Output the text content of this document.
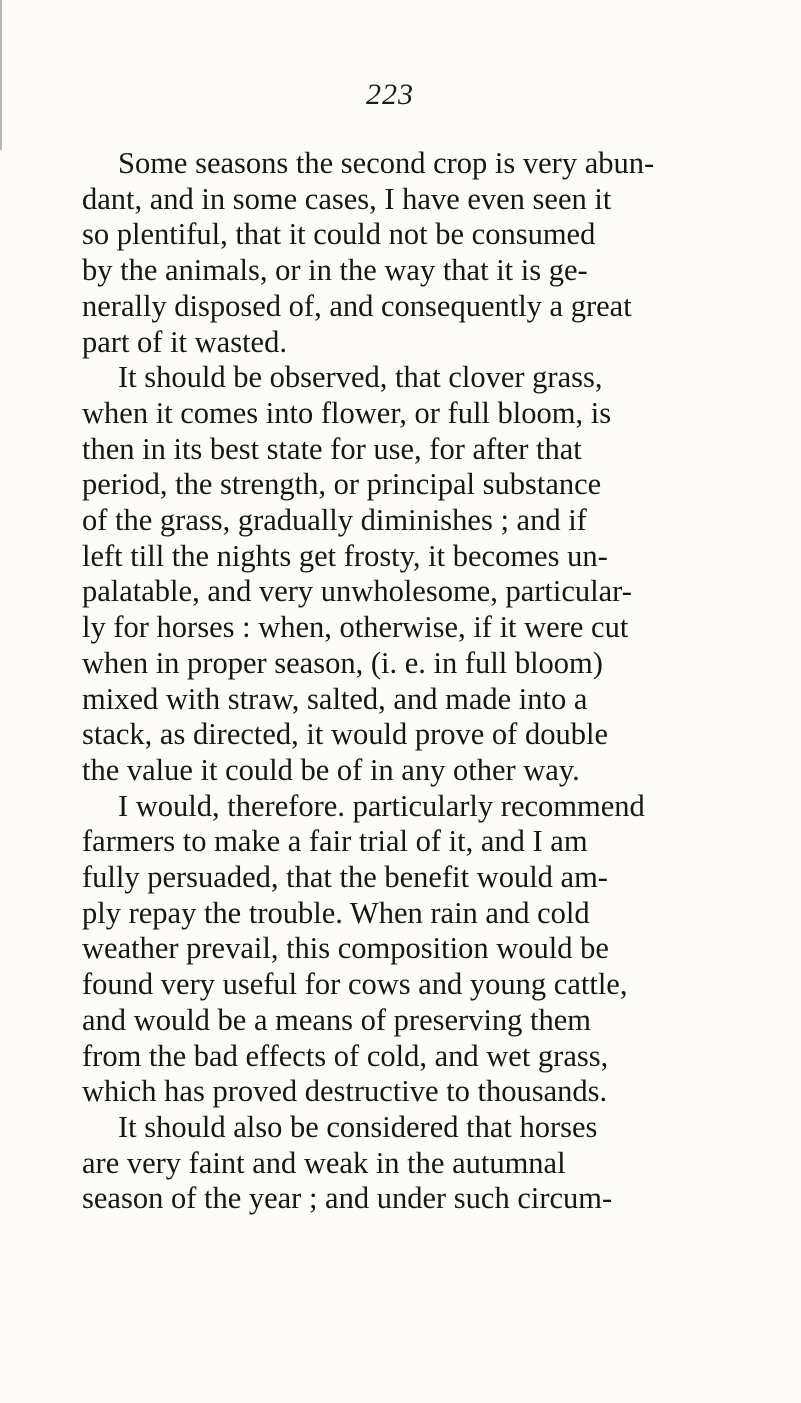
223
Some seasons the second crop is very abun-
dant, and in some cases, I have even seen it
so plentiful, that it could not be consumed
by the animals, or in the way that it is ge-
nerally disposed of, and consequently a great
part of it wasted.
It should be observed, that clover grass,
when it comes into flower, or full bloom, is
then in its best state for use, for after that
period, the strength, or principal substance
of the grass, gradually diminishes ; and if
left till the nights get frosty, it becomes un-
palatable, and very unwholesome, particular-
ly for horses : when, otherwise, if it were cut
when in proper season, (i. e. in full bloom)
mixed with straw, salted, and made into a
stack, as directed, it would prove of double
the value it could be of in any other way.
I would, therefore. particularly recommend
farmers to make a fair trial of it, and I am
fully persuaded, that the benefit would am-
ply repay the trouble. When rain and cold
weather prevail, this composition would be
found very useful for cows and young cattle,
and would be a means of preserving them
from the bad effects of cold, and wet grass,
which has proved destructive to thousands.
It should also be considered that horses
are very faint and weak in the autumnal
season of the year ; and under such circum-
